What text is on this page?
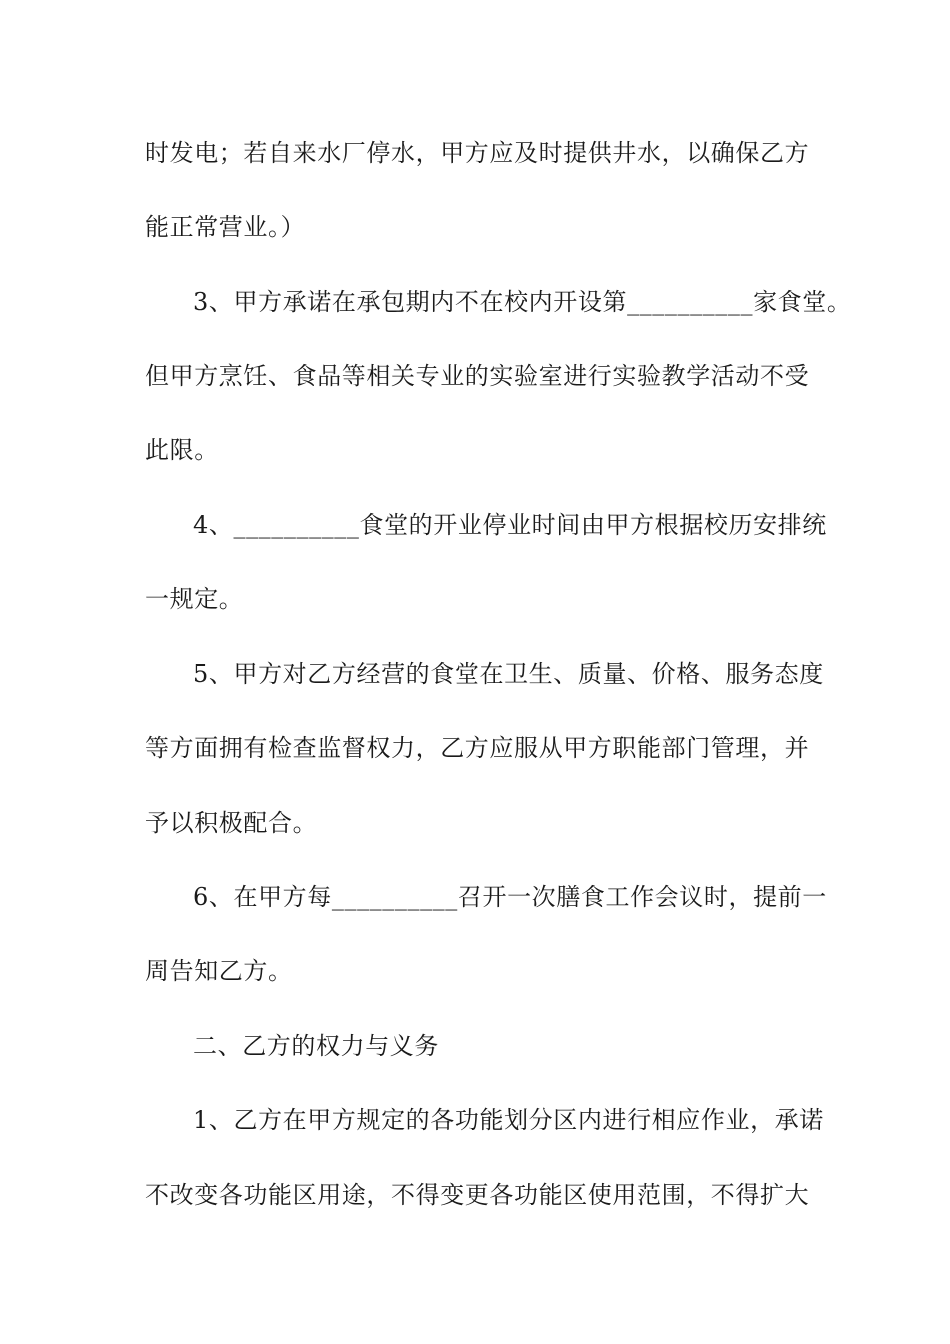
时发电；若自来水厂停水，甲方应及时提供井水，以确保乙方
能正常营业。）
3、甲方承诺在承包期内不在校内开设第__________家食堂。
但甲方烹饪、食品等相关专业的实验室进行实验教学活动不受
此限。
4、__________食堂的开业停业时间由甲方根据校历安排统
一规定。
5、甲方对乙方经营的食堂在卫生、质量、价格、服务态度
等方面拥有检查监督权力，乙方应服从甲方职能部门管理，并
予以积极配合。
6、在甲方每__________召开一次膳食工作会议时，提前一
周告知乙方。
二、乙方的权力与义务
1、乙方在甲方规定的各功能划分区内进行相应作业，承诺
不改变各功能区用途，不得变更各功能区使用范围，不得扩大
